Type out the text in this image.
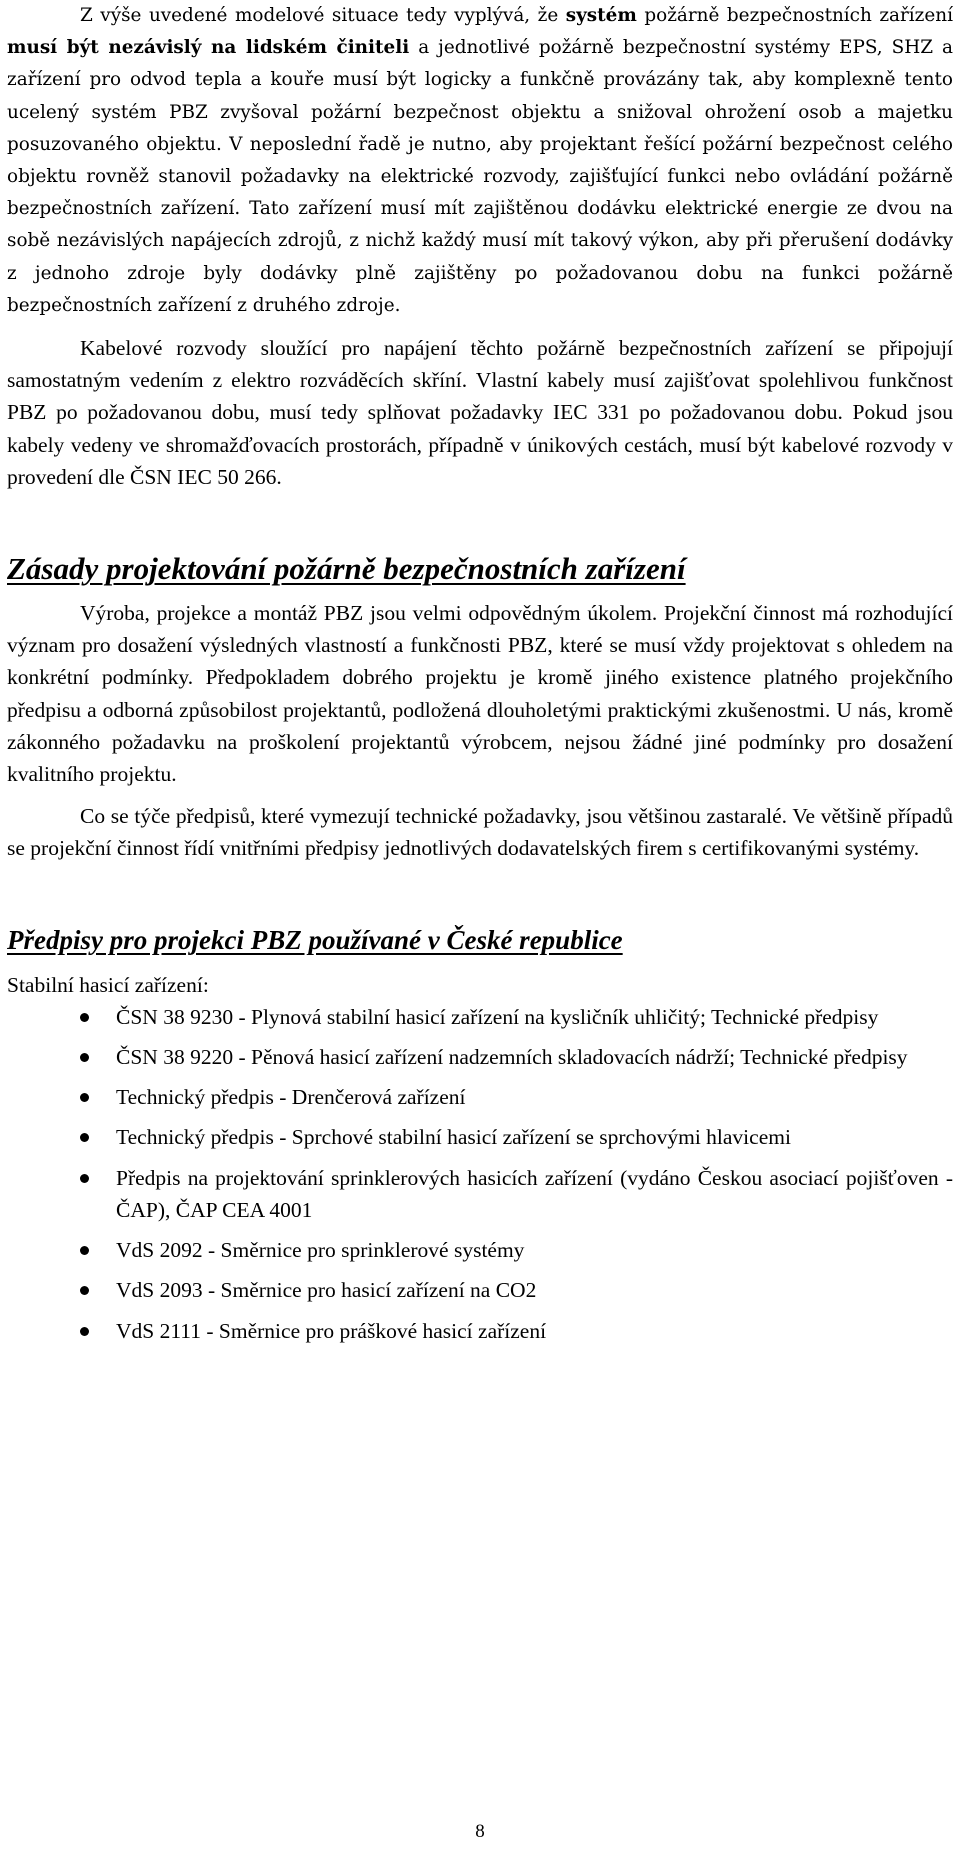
Z výše uvedené modelové situace tedy vyplývá, že systém požárně bezpečnostních zařízení musí být nezávislý na lidském činiteli a jednotlivé požárně bezpečnostní systémy EPS, SHZ a zařízení pro odvod tepla a kouře musí být logicky a funkčně provázány tak, aby komplexně tento ucelený systém PBZ zvyšoval požární bezpečnost objektu a snižoval ohrožení osob a majetku posuzovaného objektu. V neposlední řadě je nutno, aby projektant řešící požární bezpečnost celého objektu rovněž stanovil požadavky na elektrické rozvody, zajišťující funkci nebo ovládání požárně bezpečnostních zařízení. Tato zařízení musí mít zajištěnou dodávku elektrické energie ze dvou na sobě nezávislých napájecích zdrojů, z nichž každý musí mít takový výkon, aby při přerušení dodávky z jednoho zdroje byly dodávky plně zajištěny po požadovanou dobu na funkci požárně bezpečnostních zařízení z druhého zdroje.

Kabelové rozvody sloužící pro napájení těchto požárně bezpečnostních zařízení se připojují samostatným vedením z elektro rozváděcích skříní. Vlastní kabely musí zajišťovat spolehlivou funkčnost PBZ po požadovanou dobu, musí tedy splňovat požadavky IEC 331 po požadovanou dobu. Pokud jsou kabely vedeny ve shromažďovacích prostorách, případně v únikových cestách, musí být kabelové rozvody v provedení dle ČSN IEC 50 266.

Zásady projektování požárně bezpečnostních zařízení

Výroba, projekce a montáž PBZ jsou velmi odpovědným úkolem. Projekční činnost má rozhodující význam pro dosažení výsledných vlastností a funkčnosti PBZ, které se musí vždy projektovat s ohledem na konkrétní podmínky. Předpokladem dobrého projektu je kromě jiného existence platného projekčního předpisu a odborná způsobilost projektantů, podložená dlouholetými praktickými zkušenostmi. U nás, kromě zákonného požadavku na proškolení projektantů výrobcem, nejsou žádné jiné podmínky pro dosažení kvalitního projektu.

Co se týče předpisů, které vymezují technické požadavky, jsou většinou zastaralé. Ve většině případů se projekční činnost řídí vnitřními předpisy jednotlivých dodavatelských firem s certifikovanými systémy.

Předpisy pro projekci PBZ používané v České republice

Stabilní hasicí zařízení:

ČSN 38 9230 - Plynová stabilní hasicí zařízení na kysličník uhličitý; Technické předpisy
ČSN 38 9220 - Pěnová hasicí zařízení nadzemních skladovacích nádrží; Technické předpisy
Technický předpis - Drenčerová zařízení
Technický předpis - Sprchové stabilní hasicí zařízení se sprchovými hlavicemi
Předpis na projektování sprinklerových hasicích zařízení (vydáno Českou asociací pojišťoven - ČAP), ČAP CEA 4001
VdS 2092 - Směrnice pro sprinklerové systémy
VdS 2093 - Směrnice pro hasicí zařízení na CO2
VdS 2111 - Směrnice pro práškové hasicí zařízení
8
